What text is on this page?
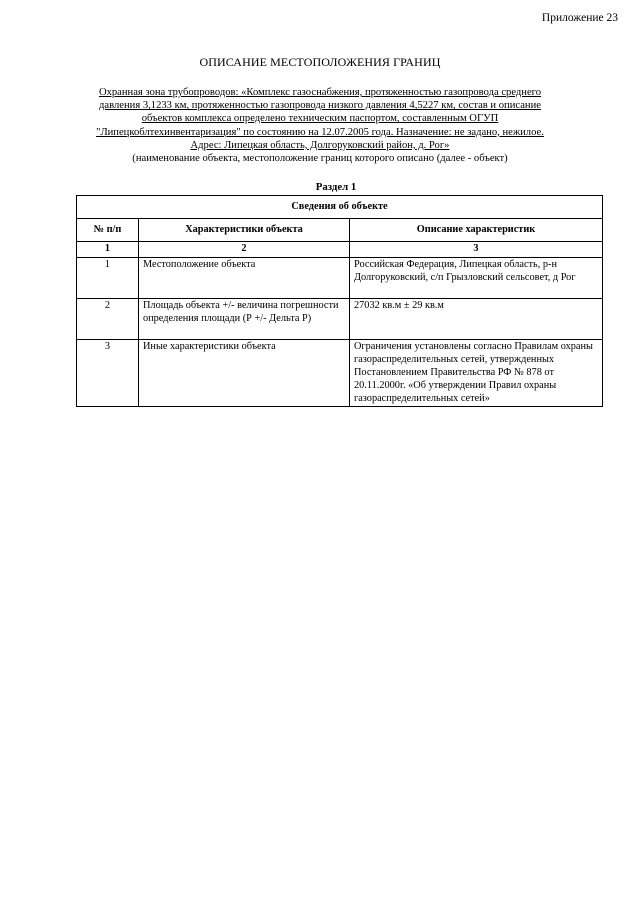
Приложение 23
ОПИСАНИЕ МЕСТОПОЛОЖЕНИЯ ГРАНИЦ
Охранная зона трубопроводов: «Комплекс газоснабжения, протяженностью газопровода среднего
давления 3,1233 км, протяженностью газопровода низкого давления 4,5227 км, состав и описание
объектов комплекса определено техническим паспортом, составленным ОГУП
"Липецкоблтехинвентаризация" по состоянию на 12.07.2005 года. Назначение: не задано, нежилое.
Адрес: Липецкая область, Долгоруковский район, д. Рог»
(наименование объекта, местоположение границ которого описано (далее - объект)
Раздел 1
Сведения об объекте		
№ п/п	Характеристики объекта	Описание характеристик
1	2	3
1	Местоположение объекта	Российская Федерация, Липецкая область, р-н Долгоруковский, с/п Грызловский сельсовет, д Рог
2	Площадь объекта +/- величина погрешности определения площади (Р +/- Дельта Р)	27032 кв.м ± 29 кв.м
3	Иные характеристики объекта	Ограничения установлены согласно Правилам охраны газораспределительных сетей, утвержденных Постановлением Правительства РФ № 878 от 20.11.2000г. «Об утверждении Правил охраны газораспределительных сетей»
